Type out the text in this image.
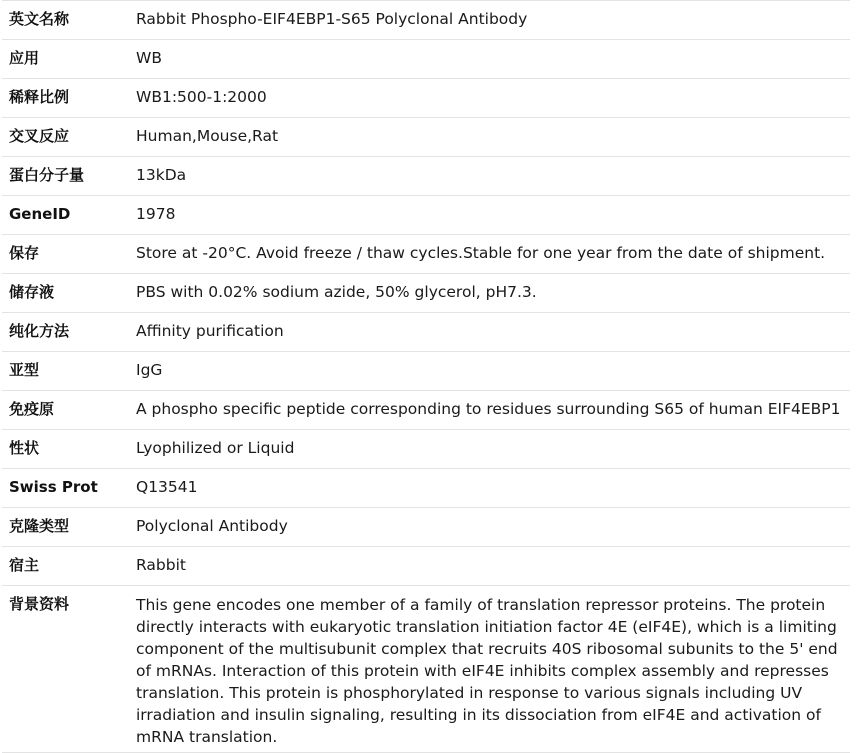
英文名称	Rabbit Phospho-EIF4EBP1-S65 Polyclonal Antibody
应用	WB
稀释比例	WB1:500-1:2000
交叉反应	Human,Mouse,Rat
蛋白分子量	13kDa
GeneID	1978
保存	Store at -20°C. Avoid freeze / thaw cycles.Stable for one year from the date of shipment.
储存液	PBS with 0.02% sodium azide, 50% glycerol, pH7.3.
纯化方法	Affinity purification
亚型	IgG
免疫原	A phospho specific peptide corresponding to residues surrounding S65 of human EIF4EBP1
性状	Lyophilized or Liquid
Swiss Prot	Q13541
克隆类型	Polyclonal Antibody
宿主	Rabbit
背景资料	This gene encodes one member of a family of translation repressor proteins. The protein directly interacts with eukaryotic translation initiation factor 4E (eIF4E), which is a limiting component of the multisubunit complex that recruits 40S ribosomal subunits to the 5' end of mRNAs. Interaction of this protein with eIF4E inhibits complex assembly and represses translation. This protein is phosphorylated in response to various signals including UV irradiation and insulin signaling, resulting in its dissociation from eIF4E and activation of mRNA translation.
